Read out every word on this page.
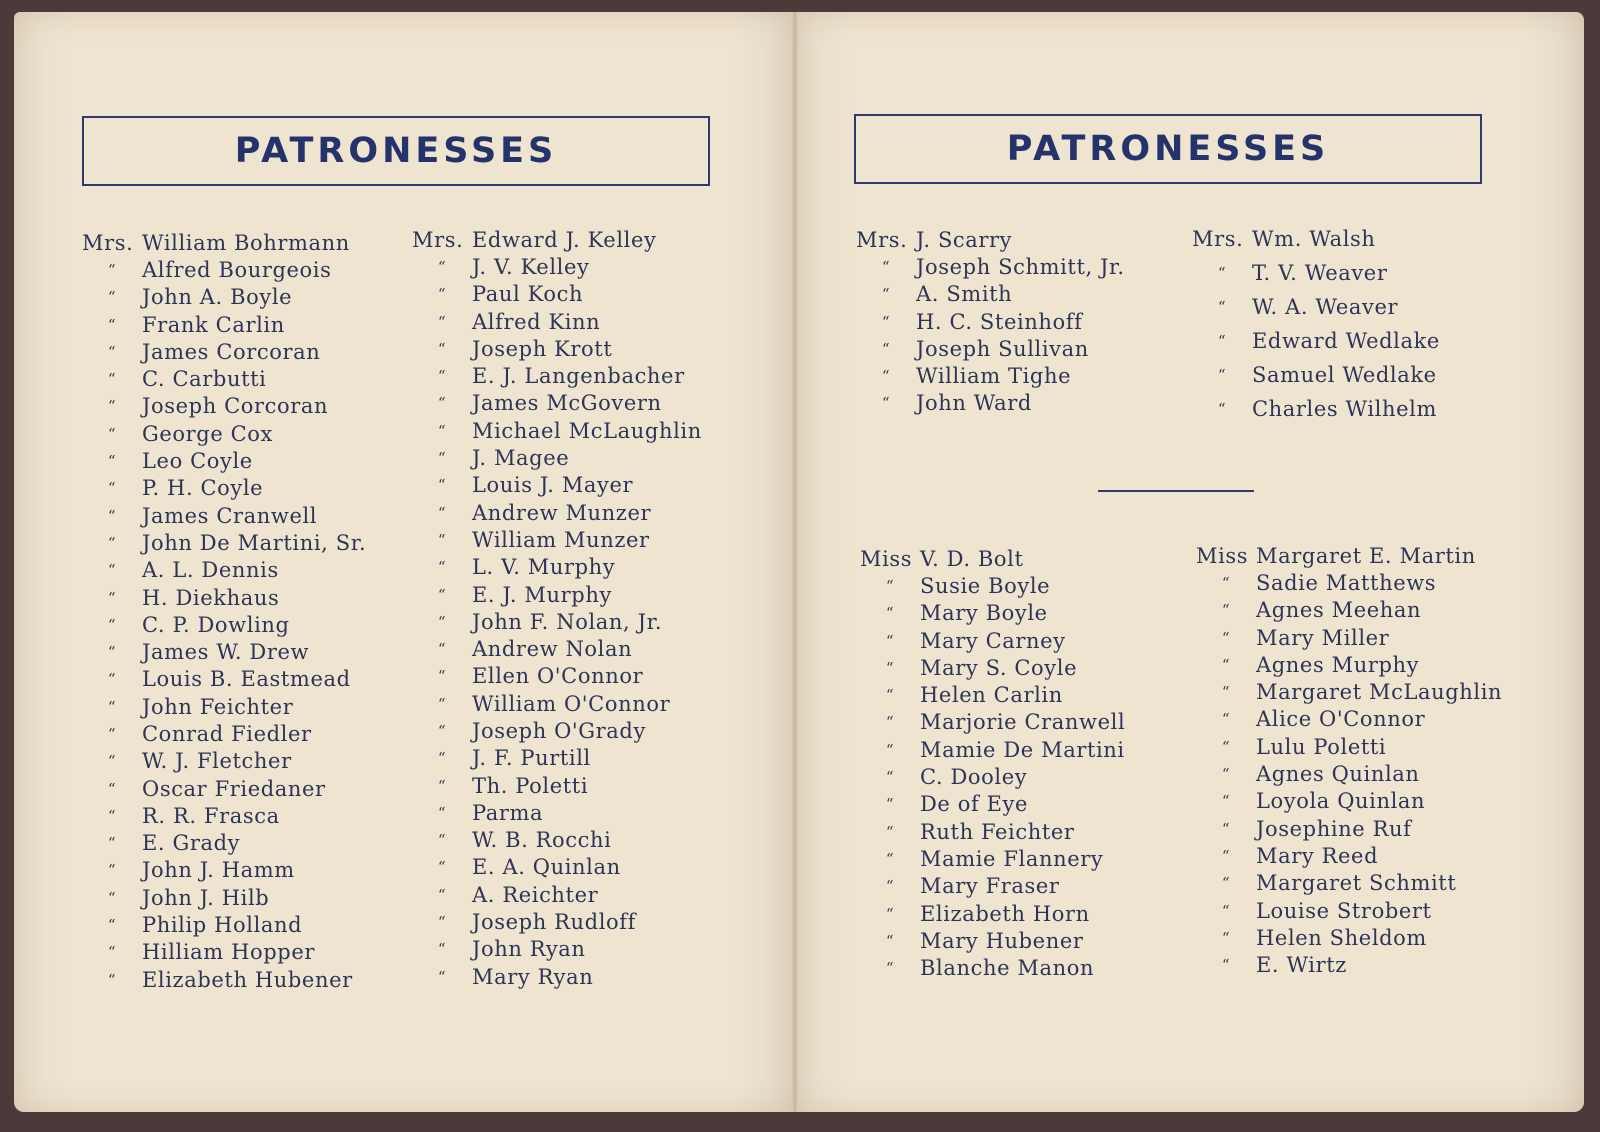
PATRONESSES	PATRONESSES
Mrs. William Bohrmann
“	Alfred Bourgeois
“	John A. Boyle
“	Frank Carlin
“	James Corcoran
“	C. Carbutti
“	Joseph Corcoran
“	George Cox
“	Leo Coyle
“	P. H. Coyle
“	James Cranwell
“	John De Martini, Sr.
“	A. L. Dennis
“	H. Diekhaus
“	C. P. Dowling
“	James W. Drew
“	Louis B. Eastmead
“	John Feichter
“	Conrad Fiedler
“	W. J. Fletcher
“	Oscar Friedaner
“	R. R. Frasca
“	E. Grady
“	John J. Hamm
“	John J. Hilb
“	Philip Holland
“	Hilliam Hopper
“	Elizabeth Hubener
Mrs. Edward J. Kelley
“	J. V. Kelley
“	Paul Koch
“	Alfred Kinn
“	Joseph Krott
“	E. J. Langenbacher
“	James McGovern
“	Michael McLaughlin
“	J. Magee
“	Louis J. Mayer
“	Andrew Munzer
“	William Munzer
“	L. V. Murphy
“	E. J. Murphy
“	John F. Nolan, Jr.
“	Andrew Nolan
“	Ellen O'Connor
“	William O'Connor
“	Joseph O'Grady
“	J. F. Purtill
“	Th. Poletti
“	Parma
“	W. B. Rocchi
“	E. A. Quinlan
“	A. Reichter
“	Joseph Rudloff
“	John Ryan
“	Mary Ryan
Mrs. J. Scarry
“	Joseph Schmitt, Jr.
“	A. Smith
“	H. C. Steinhoff
“	Joseph Sullivan
“	William Tighe
“	John Ward
Mrs. Wm. Walsh
“	T. V. Weaver
“	W. A. Weaver
“	Edward Wedlake
“	Samuel Wedlake
“	Charles Wilhelm
Miss V. D. Bolt
“	Susie Boyle
“	Mary Boyle
“	Mary Carney
“	Mary S. Coyle
“	Helen Carlin
“	Marjorie Cranwell
“	Mamie De Martini
“	C. Dooley
“	De of Eye
“	Ruth Feichter
“	Mamie Flannery
“	Mary Fraser
“	Elizabeth Horn
“	Mary Hubener
“	Blanche Manon
Miss Margaret E. Martin
“	Sadie Matthews
“	Agnes Meehan
“	Mary Miller
“	Agnes Murphy
“	Margaret McLaughlin
“	Alice O'Connor
“	Lulu Poletti
“	Agnes Quinlan
“	Loyola Quinlan
“	Josephine Ruf
“	Mary Reed
“	Margaret Schmitt
“	Louise Strobert
“	Helen Sheldom
“	E. Wirtz
